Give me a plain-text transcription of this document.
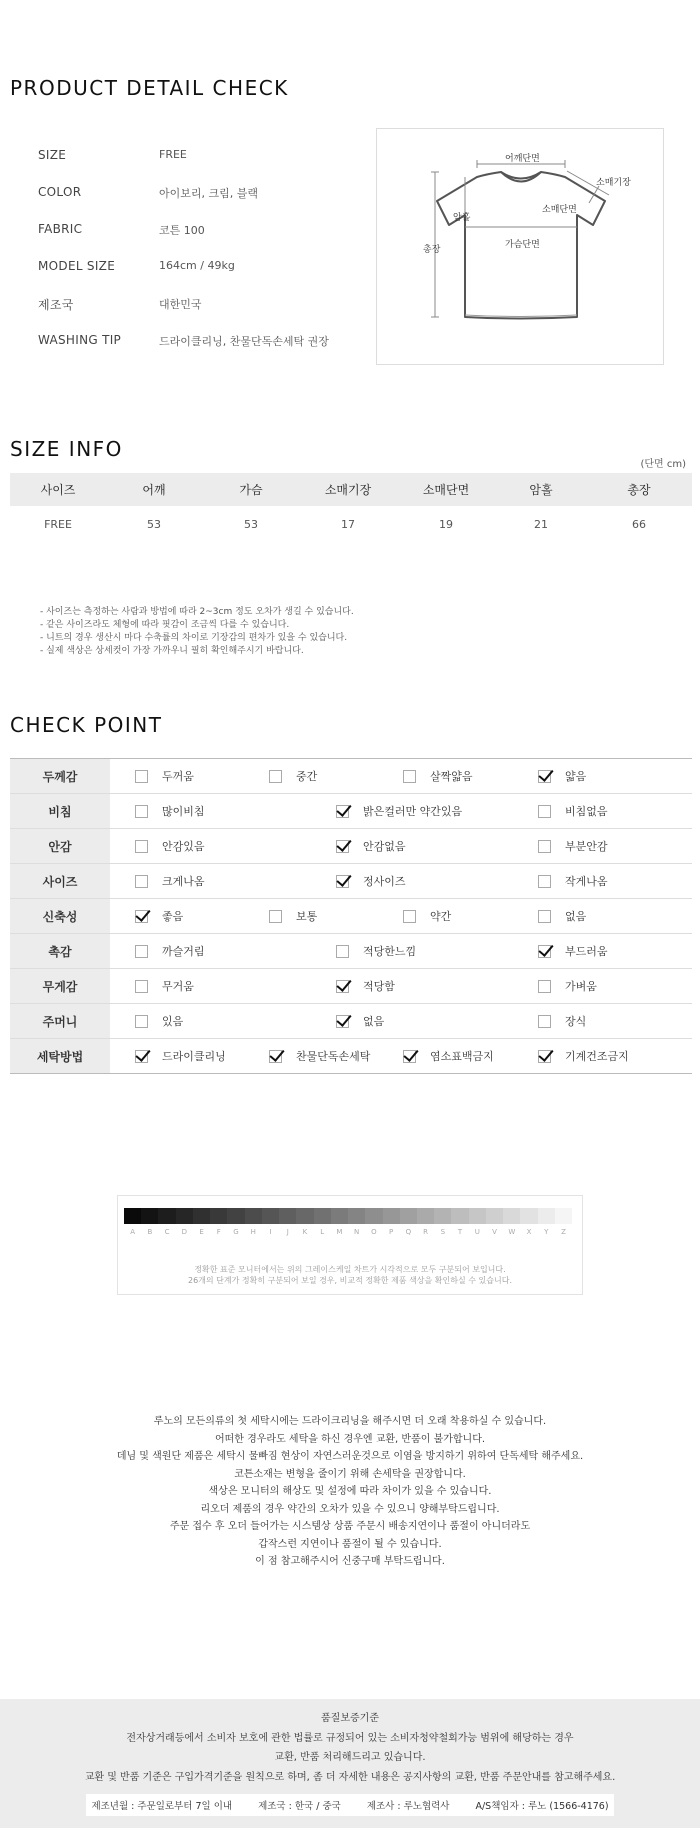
PRODUCT DETAIL CHECK
SIZE	FREE
COLOR	아이보리, 크림, 블랙
FABRIC	코튼 100
MODEL SIZE	164cm / 49kg
제조국	대한민국
WASHING TIP	드라이클리닝, 찬물단독손세탁 권장
어깨단면
소매기장
암홀
소매단면
가슴단면
총장
SIZE INFO
(단면 cm)
사이즈	어깨	가슴	소매기장	소매단면	암홀	총장
FREE	53	53	17	19	21	66
- 사이즈는 측정하는 사람과 방법에 따라 2~3cm 정도 오차가 생길 수 있습니다.
- 같은 사이즈라도 체형에 따라 핏감이 조금씩 다를 수 있습니다.
- 니트의 경우 생산시 마다 수축률의 차이로 기장감의 편차가 있을 수 있습니다.
- 실제 색상은 상세컷이 가장 가까우니 필히 확인해주시기 바랍니다.
CHECK POINT
두께감	두꺼움	중간	살짝얇음	얇음
비침	많이비침	밝은컬러만 약간있음	비침없음
안감	안감있음	안감없음	부분안감
사이즈	크게나옴	정사이즈	작게나옴
신축성	좋음	보통	약간	없음
촉감	까슬거림	적당한느낌	부드러움
무게감	무거움	적당함	가벼움
주머니	있음	없음	장식
세탁방법	드라이클리닝	찬물단독손세탁	염소표백금지	기계건조금지
A	B	C	D	E	F	G	H	I	J	K	L	M	N	O	P	Q	R	S	T	U	V	W	X	Y	Z
정확한 표준 모니터에서는 위의 그레이스케일 차트가 시각적으로 모두 구분되어 보입니다.
26개의 단계가 정확히 구분되어 보일 경우, 비교적 정확한 제품 색상을 확인하실 수 있습니다.
루노의 모든의류의 첫 세탁시에는 드라이크리닝을 해주시면 더 오래 착용하실 수 있습니다.
어떠한 경우라도 세탁을 하신 경우엔 교환, 반품이 불가합니다.
데님 및 색원단 제품은 세탁시 물빠짐 현상이 자연스러운것으로 이염을 방지하기 위하여 단독세탁 해주세요.
코튼소재는 변형을 줄이기 위해 손세탁을 권장합니다.
색상은 모니터의 해상도 및 설정에 따라 차이가 있을 수 있습니다.
리오더 제품의 경우 약간의 오차가 있을 수 있으니 양해부탁드립니다.
주문 접수 후 오더 들어가는 시스템상 상품 주문시 배송지연이나 품절이 아니더라도
갑작스런 지연이나 품절이 될 수 있습니다.
이 점 참고해주시어 신중구매 부탁드립니다.
품질보증기준
전자상거래등에서 소비자 보호에 관한 법률로 규정되어 있는 소비자청약철회가능 범위에 해당하는 경우
교환, 반품 처리해드리고 있습니다.
교환 및 반품 기준은 구입가격기준을 원칙으로 하며, 좀 더 자세한 내용은 공지사항의 교환, 반품 주문안내를 참고해주세요.
제조년월 : 주문일로부터 7일 이내	제조국 : 한국 / 중국	제조사 : 루노협력사	A/S책임자 : 루노 (1566-4176)
